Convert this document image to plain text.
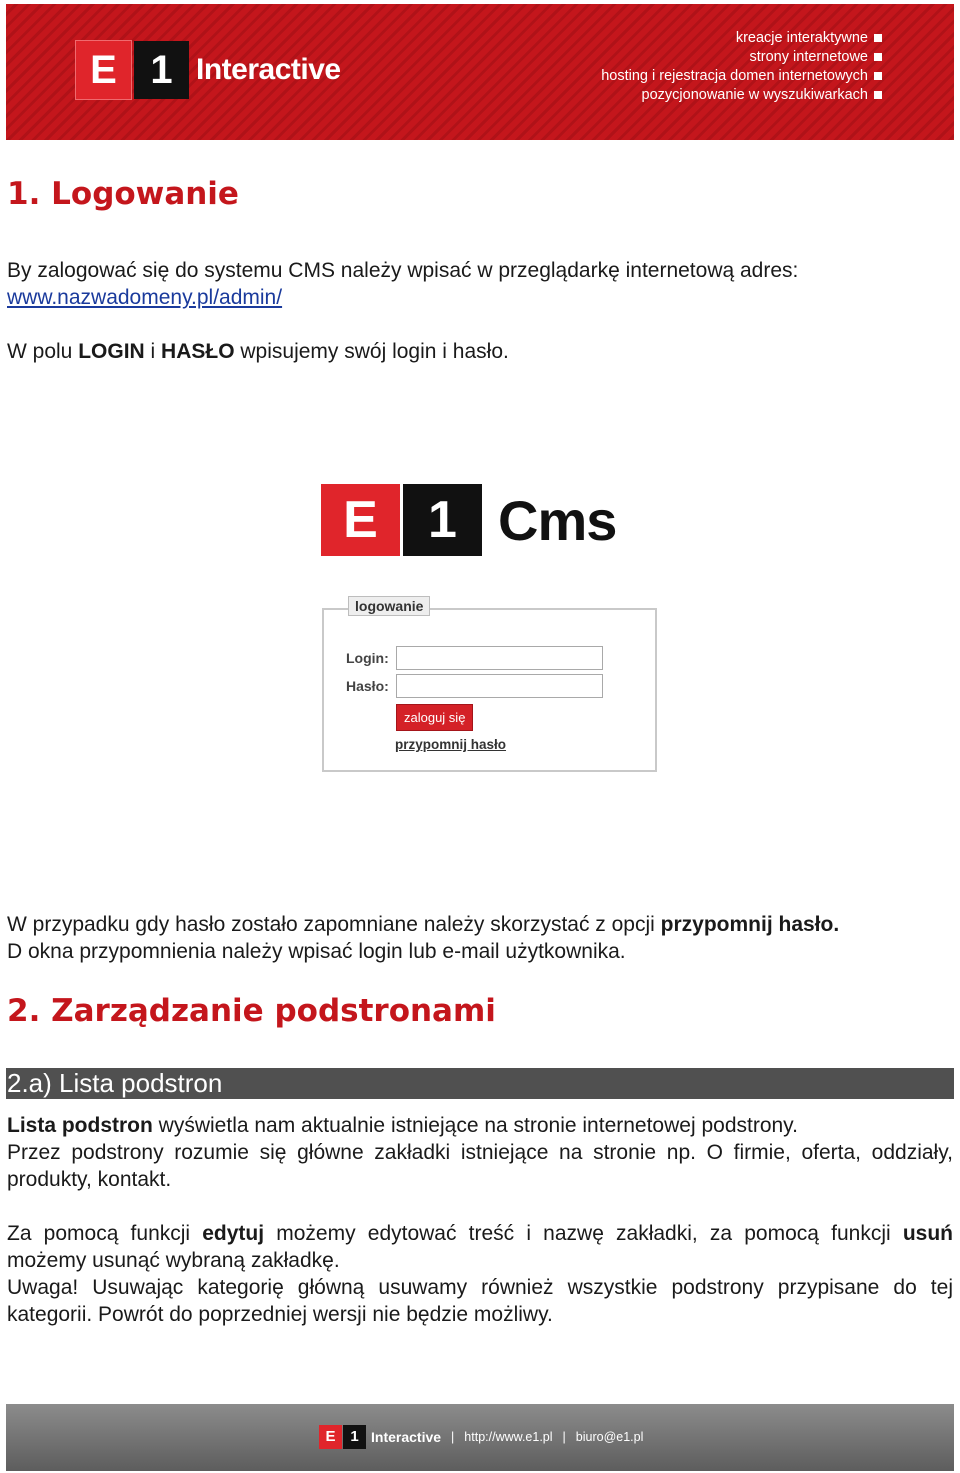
E 1 Interactive
kreacje interaktywne
strony internetowe
hosting i rejestracja domen internetowych
pozycjonowanie w wyszukiwarkach
1. Logowanie

By zalogować się do systemu CMS należy wpisać w przeglądarkę internetową adres:
www.nazwadomeny.pl/admin/

W polu LOGIN i HASŁO wpisujemy swój login i hasło.

E 1 Cms
logowanie
Login:
Hasło:
zaloguj się
przypomnij hasło

W przypadku gdy hasło zostało zapomniane należy skorzystać z opcji przypomnij hasło.
D okna przypomnienia należy wpisać login lub e-mail użytkownika.

2. Zarządzanie podstronami
2.a) Lista podstron

Lista podstron wyświetla nam aktualnie istniejące na stronie internetowej podstrony.

Przez podstrony rozumie się główne zakładki istniejące na stronie np. O firmie, oferta, oddziały, produkty, kontakt.

Za pomocą funkcji edytuj możemy edytować treść i nazwę zakładki, za pomocą funkcji usuń możemy usunąć wybraną zakładkę.

Uwaga! Usuwając kategorię główną usuwamy również wszystkie podstrony przypisane do tej kategorii. Powrót do poprzedniej wersji nie będzie możliwy.

E 1 Interactive | http://www.e1.pl | biuro@e1.pl
